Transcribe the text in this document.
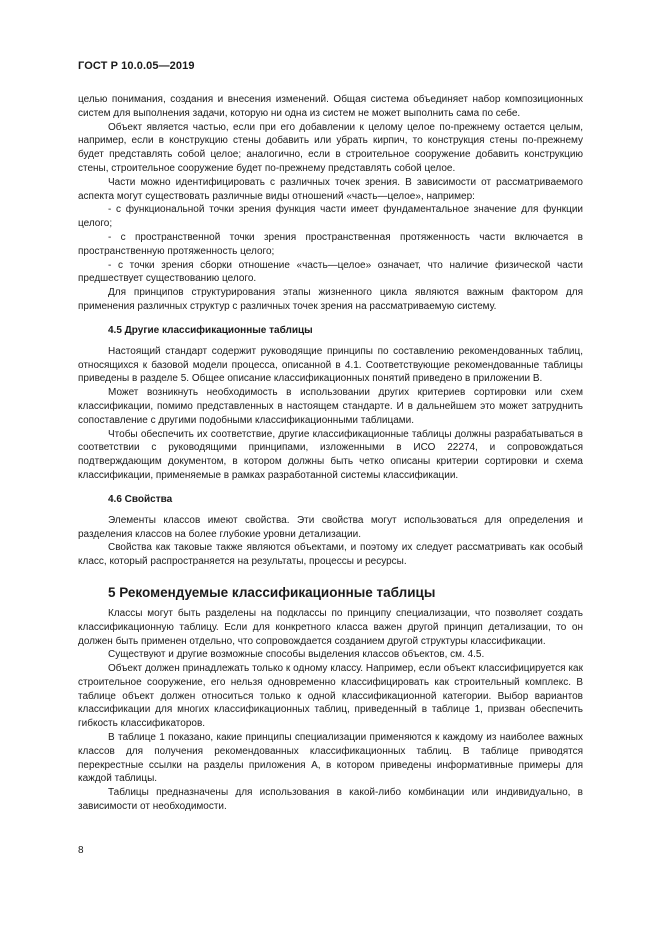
ГОСТ Р 10.0.05—2019

целью понимания, создания и внесения изменений. Общая система объединяет набор композиционных систем для выполнения задачи, которую ни одна из систем не может выполнить сама по себе.

Объект является частью, если при его добавлении к целому целое по-прежнему остается целым, например, если в конструкцию стены добавить или убрать кирпич, то конструкция стены по-прежнему будет представлять собой целое; аналогично, если в строительное сооружение добавить конструкцию стены, строительное сооружение будет по-прежнему представлять собой целое.

Части можно идентифицировать с различных точек зрения. В зависимости от рассматриваемого аспекта могут существовать различные виды отношений «часть—целое», например:

- с функциональной точки зрения функция части имеет фундаментальное значение для функции целого;

- с пространственной точки зрения пространственная протяженность части включается в пространственную протяженность целого;

- с точки зрения сборки отношение «часть—целое» означает, что наличие физической части предшествует существованию целого.

Для принципов структурирования этапы жизненного цикла являются важным фактором для применения различных структур с различных точек зрения на рассматриваемую систему.

4.5 Другие классификационные таблицы

Настоящий стандарт содержит руководящие принципы по составлению рекомендованных таблиц, относящихся к базовой модели процесса, описанной в 4.1. Соответствующие рекомендованные таблицы приведены в разделе 5. Общее описание классификационных понятий приведено в приложении В.

Может возникнуть необходимость в использовании других критериев сортировки или схем классификации, помимо представленных в настоящем стандарте. И в дальнейшем это может затруднить сопоставление с другими подобными классификационными таблицами.

Чтобы обеспечить их соответствие, другие классификационные таблицы должны разрабатываться в соответствии с руководящими принципами, изложенными в ИСО 22274, и сопровождаться подтверждающим документом, в котором должны быть четко описаны критерии сортировки и схема классификации, применяемые в рамках разработанной системы классификации.

4.6 Свойства

Элементы классов имеют свойства. Эти свойства могут использоваться для определения и разделения классов на более глубокие уровни детализации.

Свойства как таковые также являются объектами, и поэтому их следует рассматривать как особый класс, который распространяется на результаты, процессы и ресурсы.

5 Рекомендуемые классификационные таблицы

Классы могут быть разделены на подклассы по принципу специализации, что позволяет создать классификационную таблицу. Если для конкретного класса важен другой принцип детализации, то он должен быть применен отдельно, что сопровождается созданием другой структуры классификации.

Существуют и другие возможные способы выделения классов объектов, см. 4.5.

Объект должен принадлежать только к одному классу. Например, если объект классифицируется как строительное сооружение, его нельзя одновременно классифицировать как строительный комплекс. В таблице объект должен относиться только к одной классификационной категории. Выбор вариантов классификации для многих классификационных таблиц, приведенный в таблице 1, призван обеспечить гибкость классификаторов.

В таблице 1 показано, какие принципы специализации применяются к каждому из наиболее важных классов для получения рекомендованных классификационных таблиц. В таблице приводятся перекрестные ссылки на разделы приложения А, в котором приведены информативные примеры для каждой таблицы.

Таблицы предназначены для использования в какой-либо комбинации или индивидуально, в зависимости от необходимости.

8
